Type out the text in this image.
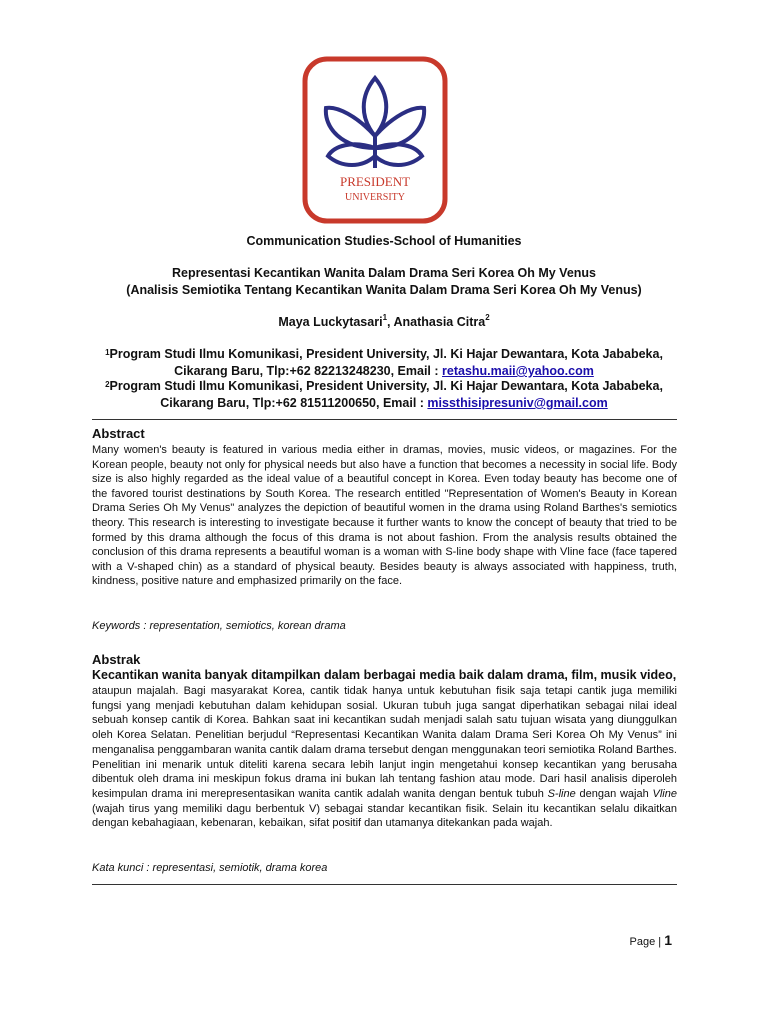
PRESIDENT
UNIVERSITY
Communication Studies-School of Humanities
Representasi Kecantikan Wanita Dalam Drama Seri Korea Oh My Venus
(Analisis Semiotika Tentang Kecantikan Wanita Dalam Drama Seri Korea Oh My Venus)
Maya Luckytasari$^1$, Anathasia Citra$^2$
$^1$Program Studi Ilmu Komunikasi, President University, Jl. Ki Hajar Dewantara, Kota Jababeka,
Cikarang Baru, Tlp:+62 82213248230, Email : retashu.maii@yahoo.com
$^2$Program Studi Ilmu Komunikasi, President University, Jl. Ki Hajar Dewantara, Kota Jababeka,
Cikarang Baru, Tlp:+62 81511200650, Email : missthisipresuniv@gmail.com
Abstract
Many women's beauty is featured in various media either in dramas, movies, music videos, or magazines. For the Korean people, beauty not only for physical needs but also have a function that becomes a necessity in social life. Body size is also highly regarded as the ideal value of a beautiful concept in Korea. Even today beauty has become one of the favored tourist destinations by South Korea. The research entitled "Representation of Women's Beauty in Korean Drama Series Oh My Venus" analyzes the depiction of beautiful women in the drama using Roland Barthes's semiotics theory. This research is interesting to investigate because it further wants to know the concept of beauty that tried to be formed by this drama although the focus of this drama is not about fashion. From the analysis results obtained the conclusion of this drama represents a beautiful woman is a woman with S-line body shape with Vline face (face tapered with a V-shaped chin) as a standard of physical beauty. Besides beauty is always associated with happiness, truth, kindness, positive nature and emphasized primarily on the face.
Keywords : representation, semiotics, korean drama
Abstrak
Kecantikan wanita banyak ditampilkan dalam berbagai media baik dalam drama, film, musik video,
ataupun majalah. Bagi masyarakat Korea, cantik tidak hanya untuk kebutuhan fisik saja tetapi cantik juga memiliki fungsi yang menjadi kebutuhan dalam kehidupan sosial. Ukuran tubuh juga sangat diperhatikan sebagai nilai ideal sebuah konsep cantik di Korea. Bahkan saat ini kecantikan sudah menjadi salah satu tujuan wisata yang diunggulkan oleh Korea Selatan. Penelitian berjudul “Representasi Kecantikan Wanita dalam Drama Seri Korea Oh My Venus” ini menganalisa penggambaran wanita cantik dalam drama tersebut dengan menggunakan teori semiotika Roland Barthes. Penelitian ini menarik untuk diteliti karena secara lebih lanjut ingin mengetahui konsep kecantikan yang berusaha dibentuk oleh drama ini meskipun fokus drama ini bukan lah tentang fashion atau mode. Dari hasil analisis diperoleh kesimpulan drama ini merepresentasikan wanita cantik adalah wanita dengan bentuk tubuh S-line dengan wajah Vline (wajah tirus yang memiliki dagu berbentuk V) sebagai standar kecantikan fisik. Selain itu kecantikan selalu dikaitkan dengan kebahagiaan, kebenaran, kebaikan, sifat positif dan utamanya ditekankan pada wajah.
Kata kunci : representasi, semiotik, drama korea
Page | 1
